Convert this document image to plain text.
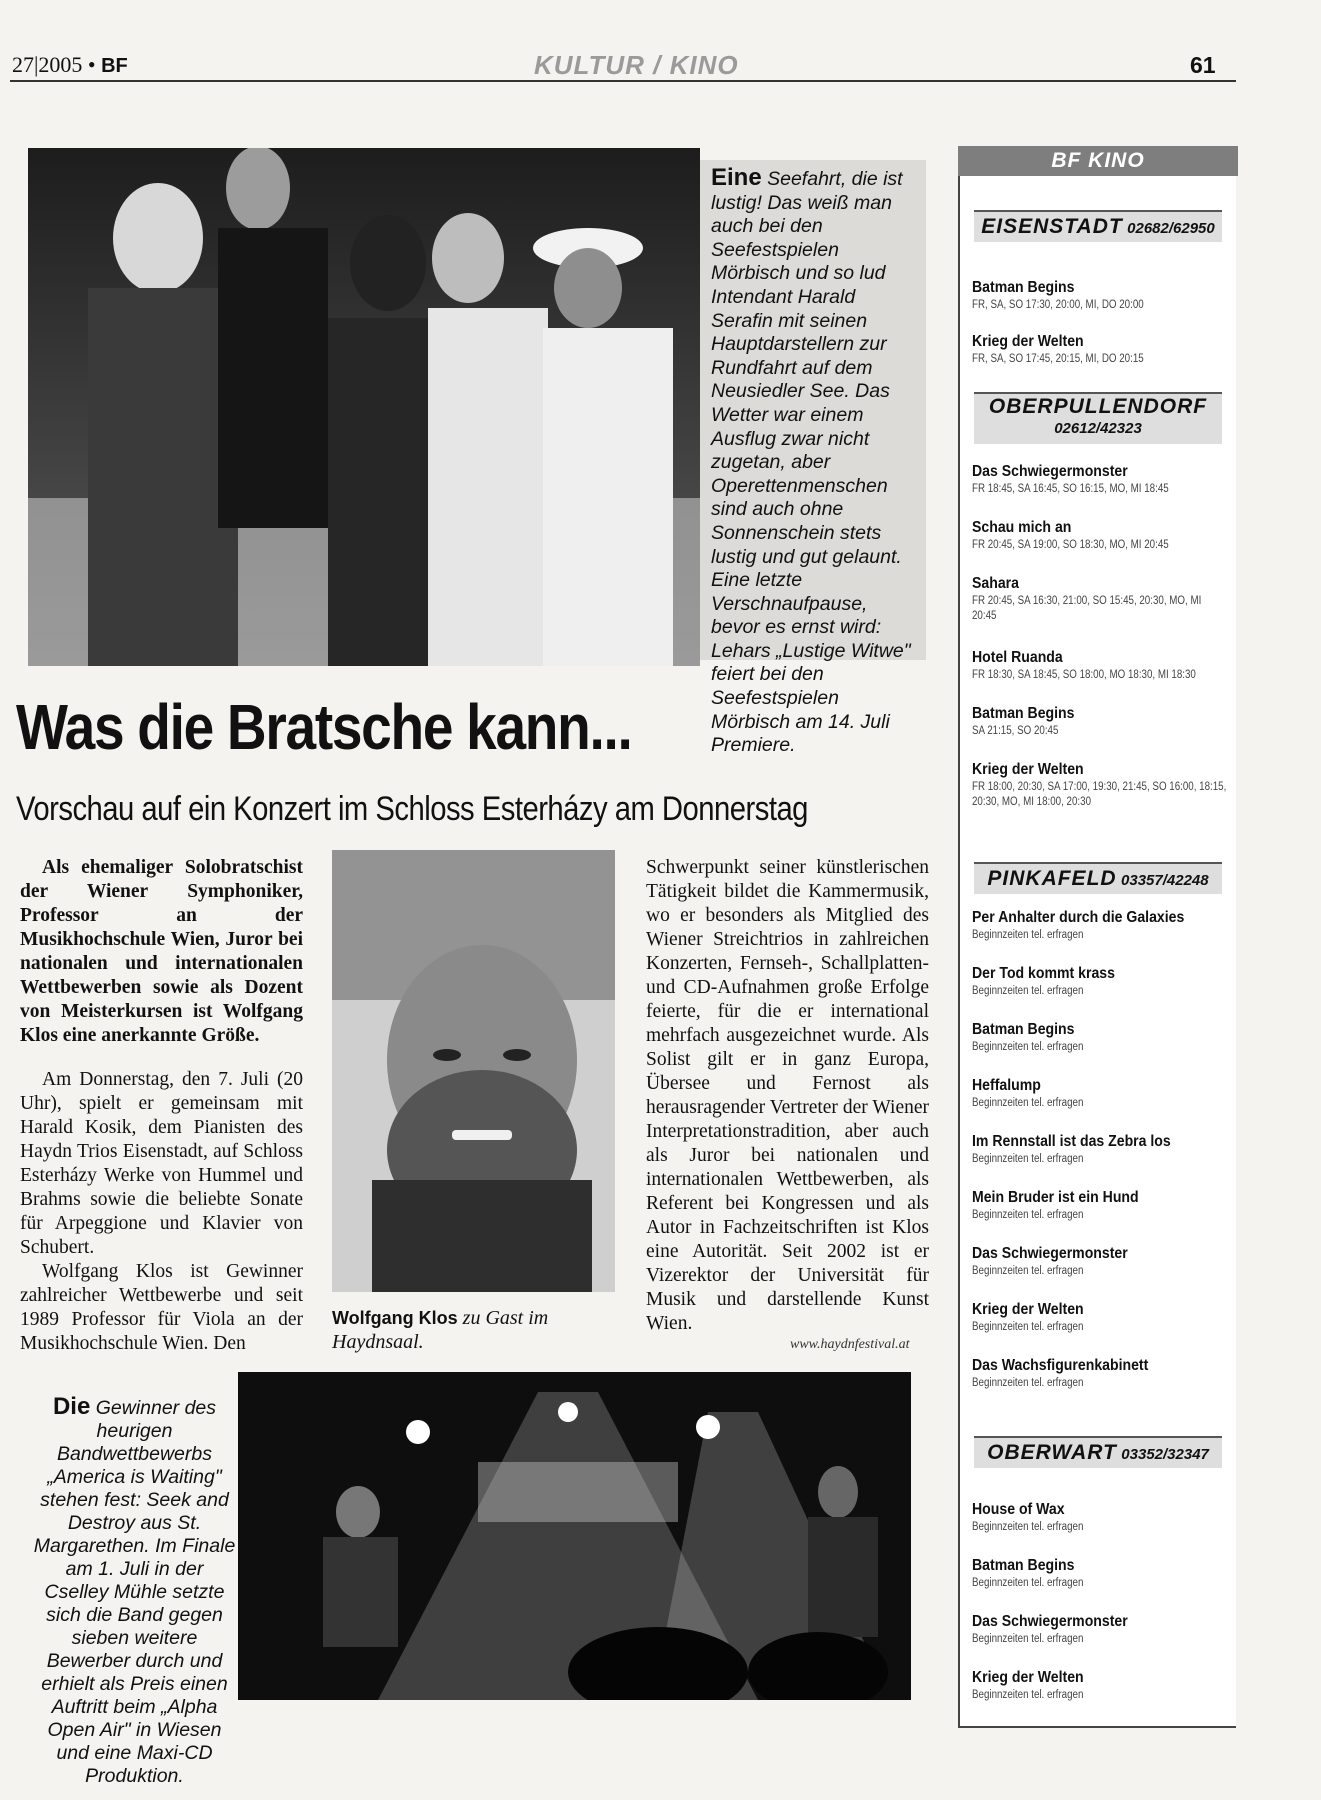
27|2005 • BF	KULTUR / KINO	61
Eine Seefahrt, die ist lustig! Das weiß man auch bei den Seefestspielen Mörbisch und so lud Intendant Harald Serafin mit seinen Hauptdarstellern zur Rundfahrt auf dem Neusiedler See. Das Wetter war einem Ausflug zwar nicht zugetan, aber Operettenmenschen sind auch ohne Sonnenschein stets lustig und gut gelaunt. Eine letzte Verschnaufpause, bevor es ernst wird: Lehars „Lustige Witwe" feiert bei den Seefestspielen Mörbisch am 14. Juli Premiere.
Was die Bratsche kann...
Vorschau auf ein Konzert im Schloss Esterházy am Donnerstag

Als ehemaliger Solobratschist der Wiener Symphoniker, Professor an der Musikhochschule Wien, Juror bei nationalen und internationalen Wettbewerben sowie als Dozent von Meisterkursen ist Wolfgang Klos eine anerkannte Größe.

Am Donnerstag, den 7. Juli (20 Uhr), spielt er gemeinsam mit Harald Kosik, dem Pianisten des Haydn Trios Eisenstadt, auf Schloss Esterházy Werke von Hummel und Brahms sowie die beliebte Sonate für Arpeggione und Klavier von Schubert.

Wolfgang Klos ist Gewinner zahlreicher Wettbewerbe und seit 1989 Professor für Viola an der Musikhochschule Wien. Den

Wolfgang Klos zu Gast im Haydnsaal.

Schwerpunkt seiner künstlerischen Tätigkeit bildet die Kammermusik, wo er besonders als Mitglied des Wiener Streichtrios in zahlreichen Konzerten, Fernseh-, Schallplatten- und CD-Aufnahmen große Erfolge feierte, für die er international mehrfach ausgezeichnet wurde. Als Solist gilt er in ganz Europa, Übersee und Fernost als herausragender Vertreter der Wiener Interpretationstradition, aber auch als Juror bei nationalen und internationalen Wettbewerben, als Referent bei Kongressen und als Autor in Fachzeitschriften ist Klos eine Autorität. Seit 2002 ist er Vizerektor der Universität für Musik und darstellende Kunst Wien.

www.haydnfestival.at
Die Gewinner des heurigen Bandwettbewerbs „America is Waiting" stehen fest: Seek and Destroy aus St. Margarethen. Im Finale am 1. Juli in der Cselley Mühle setzte sich die Band gegen sieben weitere Bewerber durch und erhielt als Preis einen Auftritt beim „Alpha Open Air" in Wiesen und eine Maxi-CD Produktion.
BF KINO
EISENSTADT 02682/62950
Batman Begins
FR, SA, SO 17:30, 20:00, MI, DO 20:00
Krieg der Welten
FR, SA, SO 17:45, 20:15, MI, DO 20:15
OBERPULLENDORF
02612/42323
Das Schwiegermonster
FR 18:45, SA 16:45, SO 16:15, MO, MI 18:45
Schau mich an
FR 20:45, SA 19:00, SO 18:30, MO, MI 20:45
Sahara
FR 20:45, SA 16:30, 21:00, SO 15:45, 20:30, MO, MI 20:45
Hotel Ruanda
FR 18:30, SA 18:45, SO 18:00, MO 18:30, MI 18:30
Batman Begins
SA 21:15, SO 20:45
Krieg der Welten
FR 18:00, 20:30, SA 17:00, 19:30, 21:45, SO 16:00, 18:15, 20:30, MO, MI 18:00, 20:30
PINKAFELD 03357/42248
Per Anhalter durch die Galaxies
Beginnzeiten tel. erfragen
Der Tod kommt krass
Beginnzeiten tel. erfragen
Batman Begins
Beginnzeiten tel. erfragen
Heffalump
Beginnzeiten tel. erfragen
Im Rennstall ist das Zebra los
Beginnzeiten tel. erfragen
Mein Bruder ist ein Hund
Beginnzeiten tel. erfragen
Das Schwiegermonster
Beginnzeiten tel. erfragen
Krieg der Welten
Beginnzeiten tel. erfragen
Das Wachsfigurenkabinett
Beginnzeiten tel. erfragen
OBERWART 03352/32347
House of Wax
Beginnzeiten tel. erfragen
Batman Begins
Beginnzeiten tel. erfragen
Das Schwiegermonster
Beginnzeiten tel. erfragen
Krieg der Welten
Beginnzeiten tel. erfragen
